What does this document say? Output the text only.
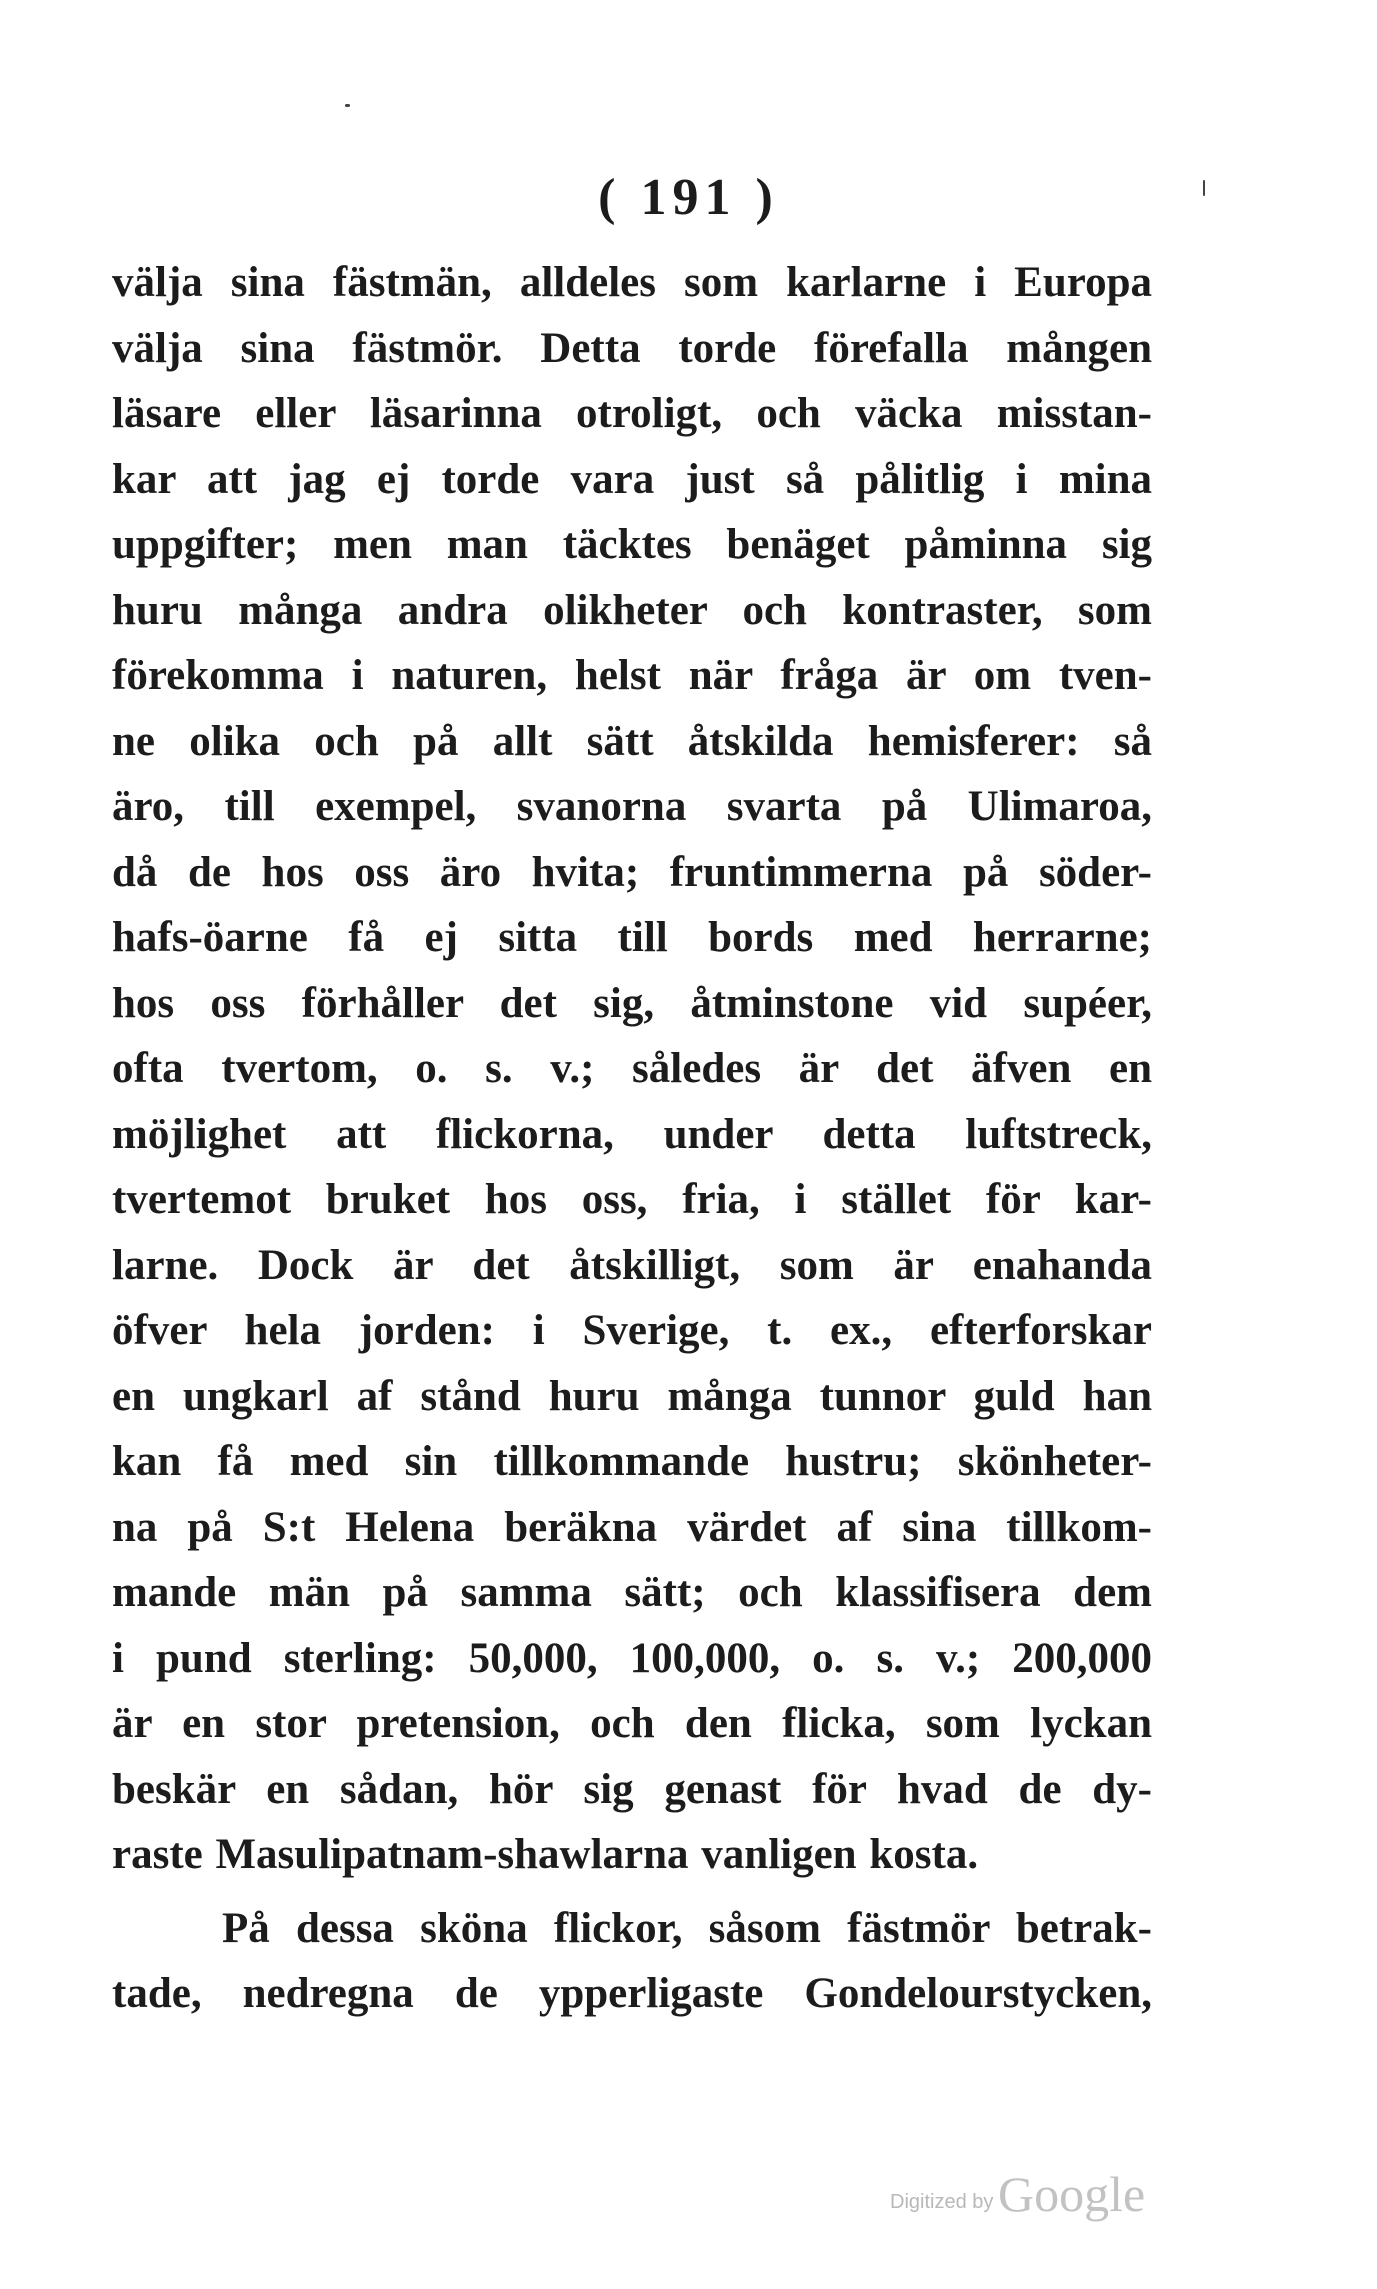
( 191 )
välja sina fästmän, alldeles som karlarne i Europa
välja sina fästmör. Detta torde förefalla mången
läsare eller läsarinna otroligt, och väcka misstan-
kar att jag ej torde vara just så pålitlig i mina
uppgifter; men man täcktes benäget påminna sig
huru många andra olikheter och kontraster, som
förekomma i naturen, helst när fråga är om tven-
ne olika och på allt sätt åtskilda hemisferer: så
äro, till exempel, svanorna svarta på Ulimaroa,
då de hos oss äro hvita; fruntimmerna på söder-
hafs-öarne få ej sitta till bords med herrarne;
hos oss förhåller det sig, åtminstone vid supéer,
ofta tvertom, o. s. v.; således är det äfven en
möjlighet att flickorna, under detta luftstreck,
tvertemot bruket hos oss, fria, i stället för kar-
larne. Dock är det åtskilligt, som är enahanda
öfver hela jorden: i Sverige, t. ex., efterforskar
en ungkarl af stånd huru många tunnor guld han
kan få med sin tillkommande hustru; skönheter-
na på S:t Helena beräkna värdet af sina tillkom-
mande män på samma sätt; och klassifisera dem
i pund sterling: 50,000, 100,000, o. s. v.; 200,000
är en stor pretension, och den flicka, som lyckan
beskär en sådan, hör sig genast för hvad de dy-
raste Masulipatnam-shawlarna vanligen kosta.
På dessa sköna flickor, såsom fästmör betrak-
tade, nedregna de ypperligaste Gondelourstycken,
Digitized by Google
